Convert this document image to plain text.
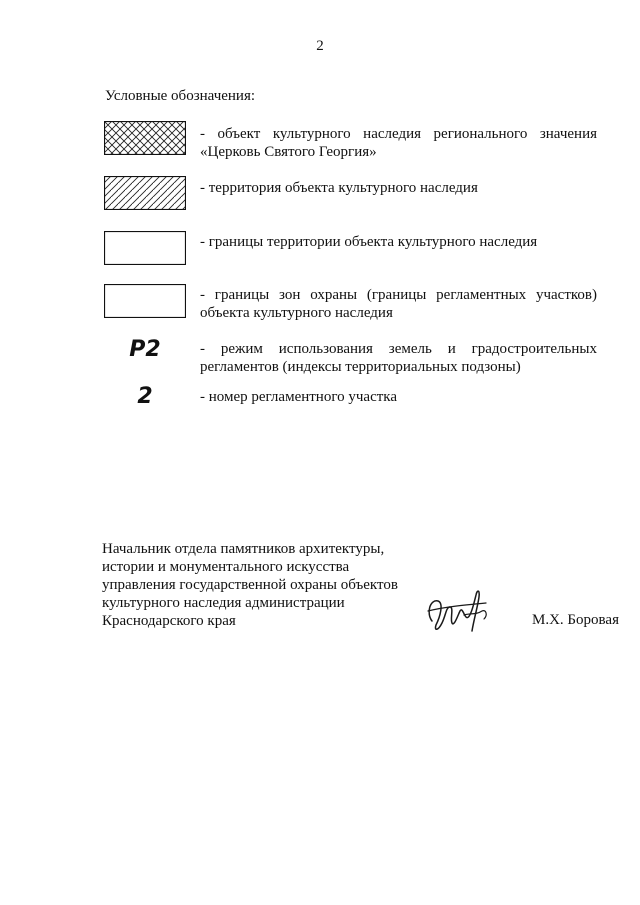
2
Условные обозначения:
- объект культурного наследия регионального значения «Церковь Святого Георгия»
- территория объекта культурного наследия
- границы территории объекта культурного наследия
- границы зон охраны (границы регламентных участков) объекта культурного наследия
Р2	- режим использования земель и градостроительных регламентов (индексы территориальных подзоны)
2	- номер регламентного участка
Начальник отдела памятников архитектуры,
истории и монументального искусства
управления государственной охраны объектов
культурного наследия администрации
Краснодарского края	М.Х. Боровая
